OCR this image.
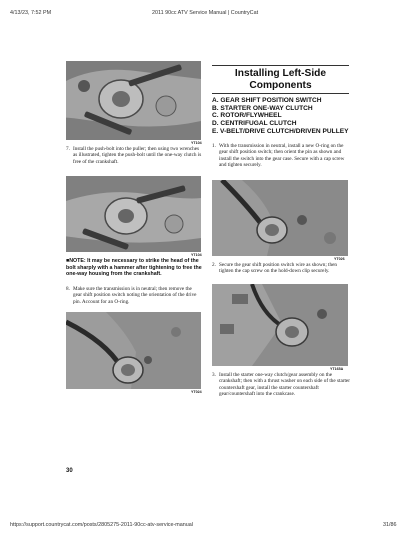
4/13/23, 7:52 PM	2011 90cc ATV Service Manual | CountryCat
YT104
7. Install the push-bolt into the puller; then using two wrenches as illustrated, tighten the push-bolt until the one-way clutch is free of the crankshaft.
YT104
■NOTE: It may be necessary to strike the head of the bolt sharply with a hammer after tightening to free the one-way housing from the crankshaft.
8. Make sure the transmission is in neutral; then remove the gear shift position switch noting the orientation of the drive pin. Account for an O-ring.
YT024
Installing Left-Side
Components
A. GEAR SHIFT POSITION SWITCH
B. STARTER ONE-WAY CLUTCH
C. ROTOR/FLYWHEEL
D. CENTRIFUGAL CLUTCH
E. V-BELT/DRIVE CLUTCH/DRIVEN PULLEY
1. With the transmission in neutral, install a new O-ring on the gear shift position switch; then orient the pin as shown and install the switch into the gear case. Secure with a cap screw and tighten securely.
YT026
2. Secure the gear shift position switch wire as shown; then tighten the cap screw on the hold-down clip securely.
YT165A
3. Install the starter one-way clutch/gear assembly on the crankshaft; then with a thrust washer on each side of the starter countershaft gear, install the starter countershaft gear/countershaft into the crankcase.
30
https://support.countrycat.com/posts/2805275-2011-90cc-atv-service-manual	31/86
